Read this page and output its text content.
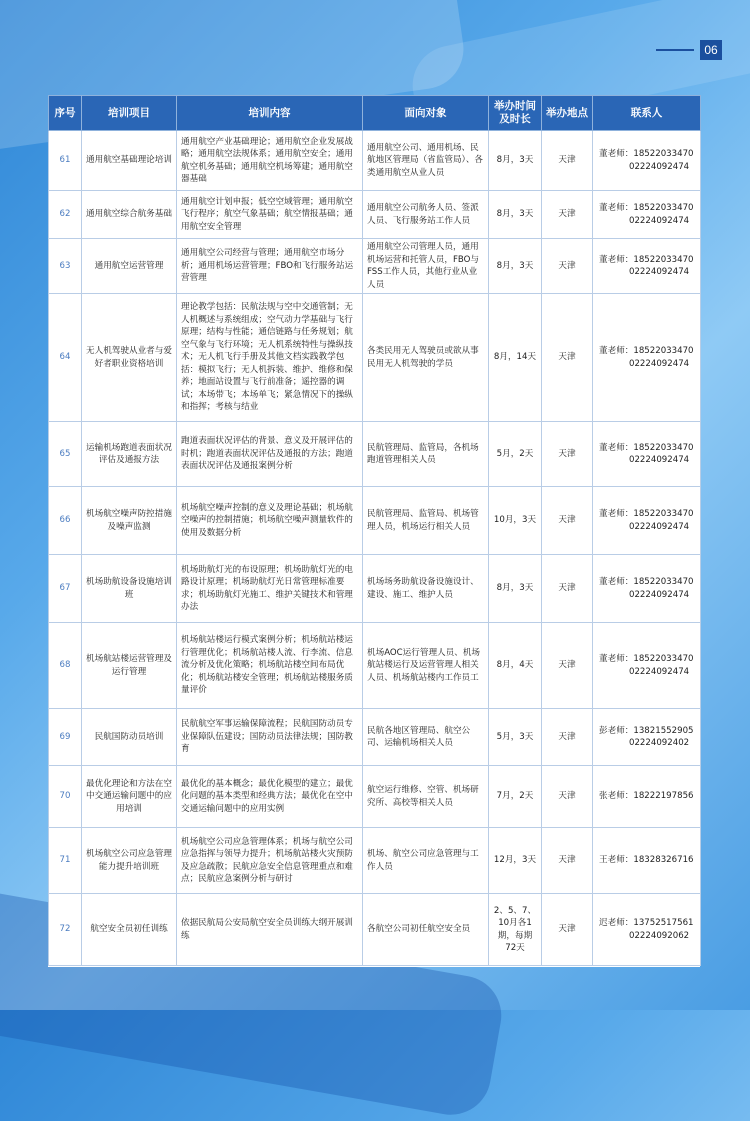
06
序号	培训项目	培训内容	面向对象	举办时间及时长	举办地点	联系人
61	通用航空基础理论培训	通用航空产业基础理论；通用航空企业发展战略；通用航空法规体系；通用航空安全；通用航空机务基础；通用航空机场筹建；通用航空器基础	通用航空公司、通用机场、民航地区管理局（省监管局）、各类通用航空从业人员	8月，3天	天津	董老师：18522033470
02224092474

62	通用航空综合航务基础	通用航空计划申报；低空空域管理；通用航空飞行程序；航空气象基础；航空情报基础；通用航空安全管理	通用航空公司航务人员、签派人员、飞行服务站工作人员	8月，3天	天津	董老师：18522033470
02224092474

63	通用航空运营管理	通用航空公司经营与管理；通用航空市场分析；通用机场运营管理；FBO和飞行服务站运营管理	通用航空公司管理人员，通用机场运营和托管人员，FBO与FSS工作人员，其他行业从业人员	8月，3天	天津	董老师：18522033470
02224092474

64	无人机驾驶从业者与爱好者职业资格培训	理论教学包括：民航法规与空中交通管制；无人机概述与系统组成；空气动力学基础与飞行原理；结构与性能；通信链路与任务规划；航空气象与飞行环境；无人机系统特性与操纵技术；无人机飞行手册及其他文档实践教学包括：模拟飞行；无人机拆装、维护、维修和保养；地面站设置与飞行前准备；遥控器的调试；本场带飞；本场单飞；紧急情况下的操纵和指挥；考核与结业	各类民用无人驾驶员或欲从事民用无人机驾驶的学员	8月，14天	天津	董老师：18522033470
02224092474

65	运输机场跑道表面状况评估及通报方法	跑道表面状况评估的背景、意义及开展评估的时机；跑道表面状况评估及通报的方法；跑道表面状况评估及通报案例分析	民航管理局、监管局，各机场跑道管理相关人员	5月，2天	天津	董老师：18522033470
02224092474

66	机场航空噪声防控措施及噪声监测	机场航空噪声控制的意义及理论基础；机场航空噪声的控制措施；机场航空噪声测量软件的使用及数据分析	民航管理局、监管局、机场管理人员，机场运行相关人员	10月，3天	天津	董老师：18522033470
02224092474

67	机场助航设备设施培训班	机场助航灯光的布设原理；机场助航灯光的电路设计原理；机场助航灯光日常管理标准要求；机场助航灯光施工、维护关键技术和管理办法	机场场务助航设备设施设计、建设、施工、维护人员	8月，3天	天津	董老师：18522033470
02224092474

68	机场航站楼运营管理及运行管理	机场航站楼运行模式案例分析；机场航站楼运行管理优化；机场航站楼人流、行李流、信息流分析及优化策略；机场航站楼空间布局优化；机场航站楼安全管理；机场航站楼服务质量评价	机场AOC运行管理人员、机场航站楼运行及运营管理人相关人员、机场航站楼内工作员工	8月，4天	天津	董老师：18522033470
02224092474

69	民航国防动员培训	民航航空军事运输保障流程；民航国防动员专业保障队伍建设；国防动员法律法规；国防教育	民航各地区管理局、航空公司、运输机场相关人员	5月，3天	天津	彭老师：13821552905
02224092402

70	最优化理论和方法在空中交通运输问题中的应用培训	最优化的基本概念；最优化模型的建立；最优化问题的基本类型和经典方法；最优化在空中交通运输问题中的应用实例	航空运行维修、空管、机场研究所、高校等相关人员	7月，2天	天津	张老师：18222197856

71	机场航空公司应急管理能力提升培训班	机场航空公司应急管理体系；机场与航空公司应急指挥与领导力提升；机场航站楼火灾预防及应急疏散；民航应急安全信息管理重点和难点；民航应急案例分析与研讨	机场、航空公司应急管理与工作人员	12月，3天	天津	王老师：18328326716

72	航空安全员初任训练	依据民航局公安局航空安全员训练大纲开展训练	各航空公司初任航空安全员	2、5、7、10月各1期，每期72天	天津	迟老师：13752517561
02224092062
